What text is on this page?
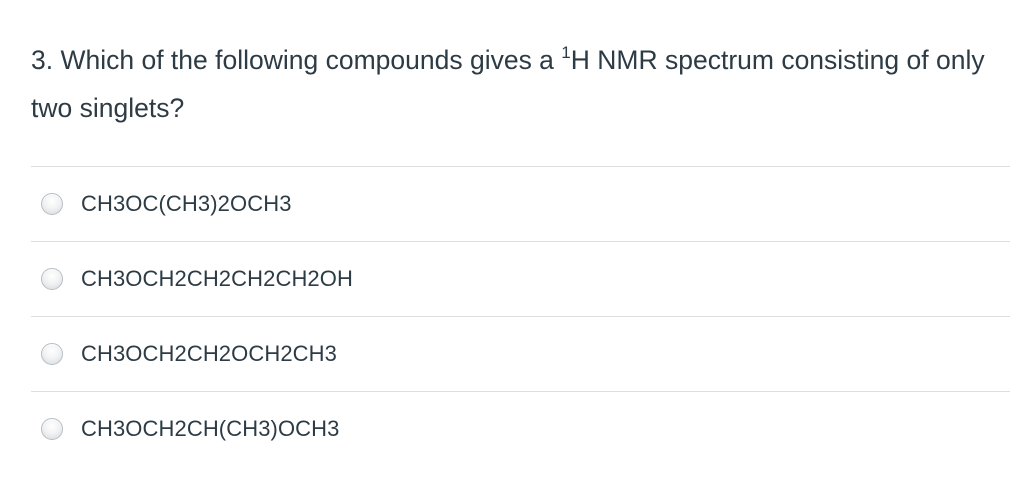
3. Which of the following compounds gives a $^1$H NMR spectrum consisting of only two singlets?
CH3OC(CH3)2OCH3
CH3OCH2CH2CH2CH2OH
CH3OCH2CH2OCH2CH3
CH3OCH2CH(CH3)OCH3
